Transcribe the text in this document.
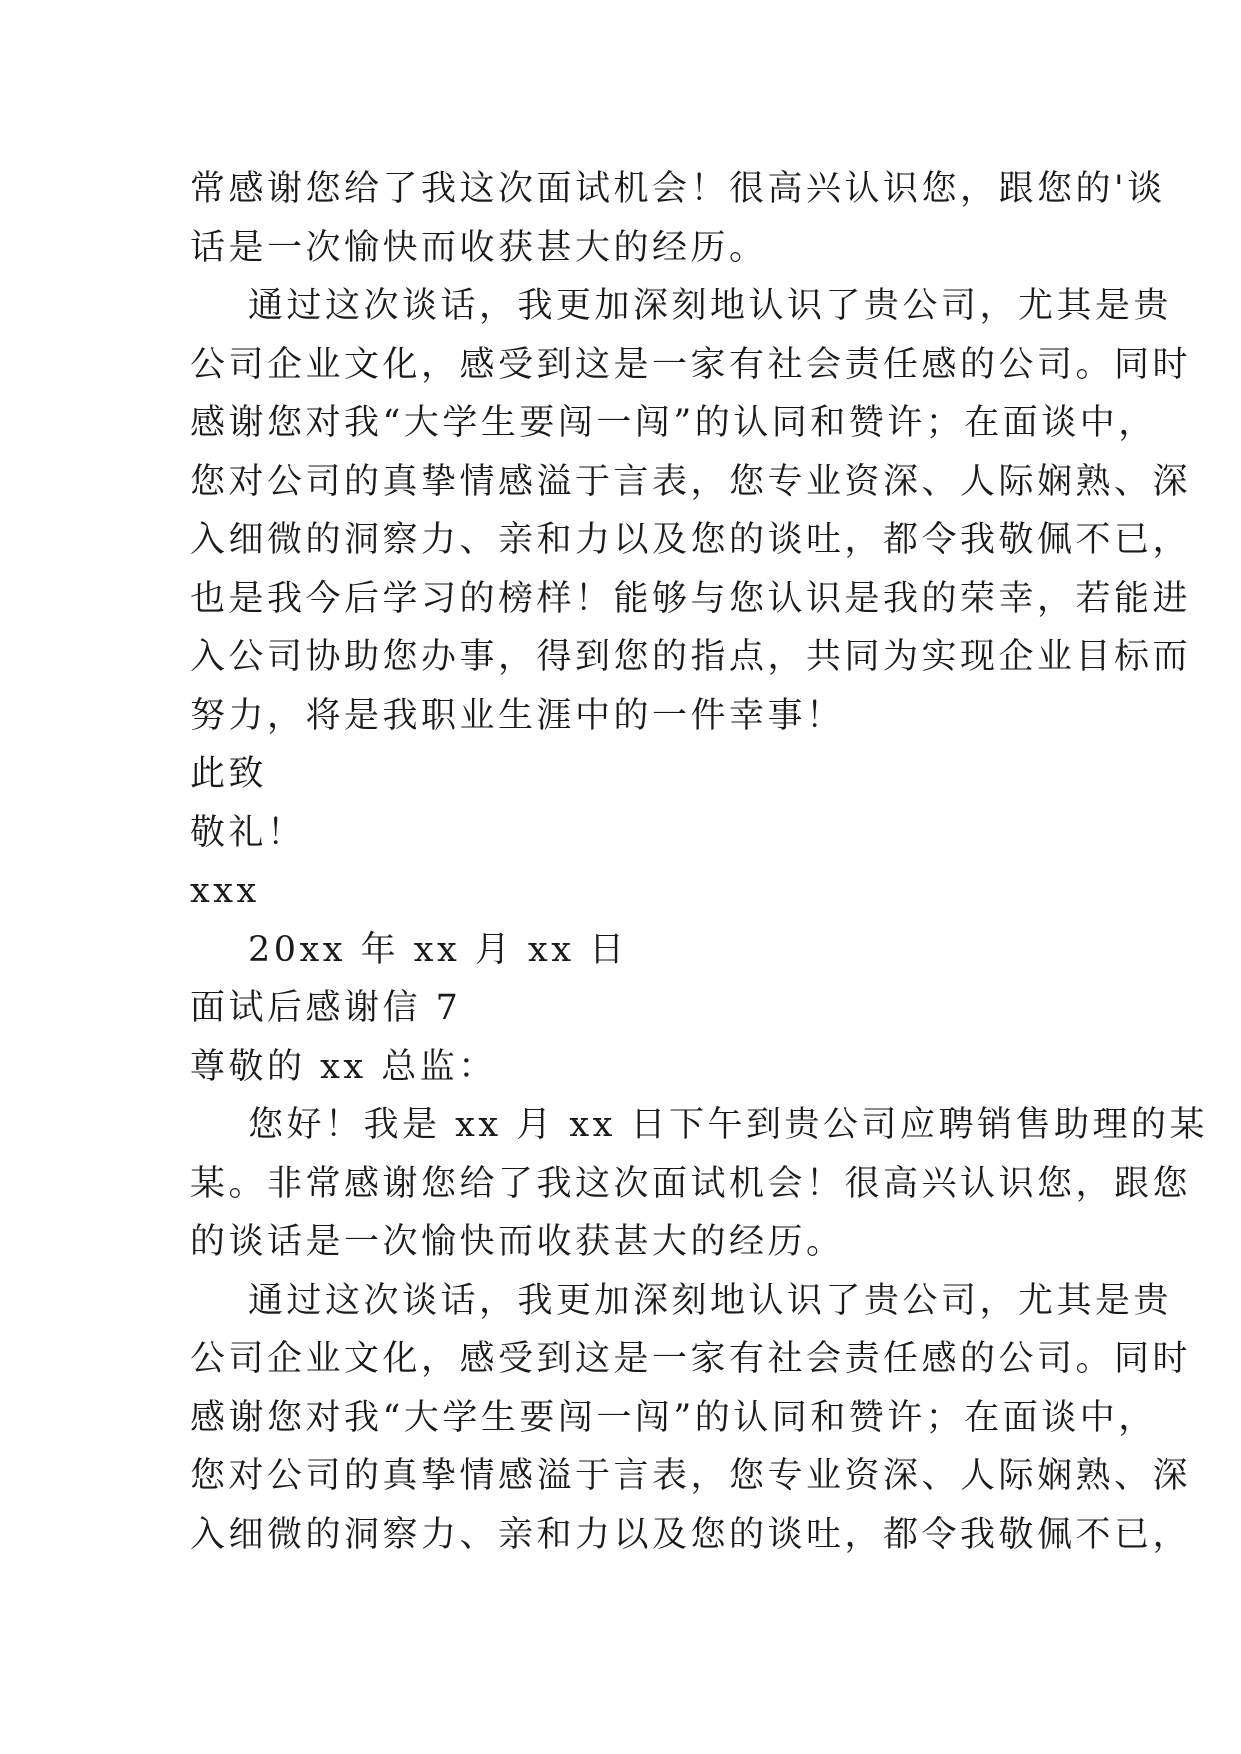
常感谢您给了我这次面试机会！很高兴认识您，跟您的'谈
话是一次愉快而收获甚大的经历。
通过这次谈话，我更加深刻地认识了贵公司，尤其是贵
公司企业文化，感受到这是一家有社会责任感的公司。同时
感谢您对我“大学生要闯一闯”的认同和赞许；在面谈中，
您对公司的真挚情感溢于言表，您专业资深、人际娴熟、深
入细微的洞察力、亲和力以及您的谈吐，都令我敬佩不已，
也是我今后学习的榜样！能够与您认识是我的荣幸，若能进
入公司协助您办事，得到您的指点，共同为实现企业目标而
努力，将是我职业生涯中的一件幸事！
此致
敬礼！
xxx
20xx 年 xx 月 xx 日
面试后感谢信 7
尊敬的 xx 总监：
您好！我是 xx 月 xx 日下午到贵公司应聘销售助理的某
某。非常感谢您给了我这次面试机会！很高兴认识您，跟您
的谈话是一次愉快而收获甚大的经历。
通过这次谈话，我更加深刻地认识了贵公司，尤其是贵
公司企业文化，感受到这是一家有社会责任感的公司。同时
感谢您对我“大学生要闯一闯”的认同和赞许；在面谈中，
您对公司的真挚情感溢于言表，您专业资深、人际娴熟、深
入细微的洞察力、亲和力以及您的谈吐，都令我敬佩不已，
